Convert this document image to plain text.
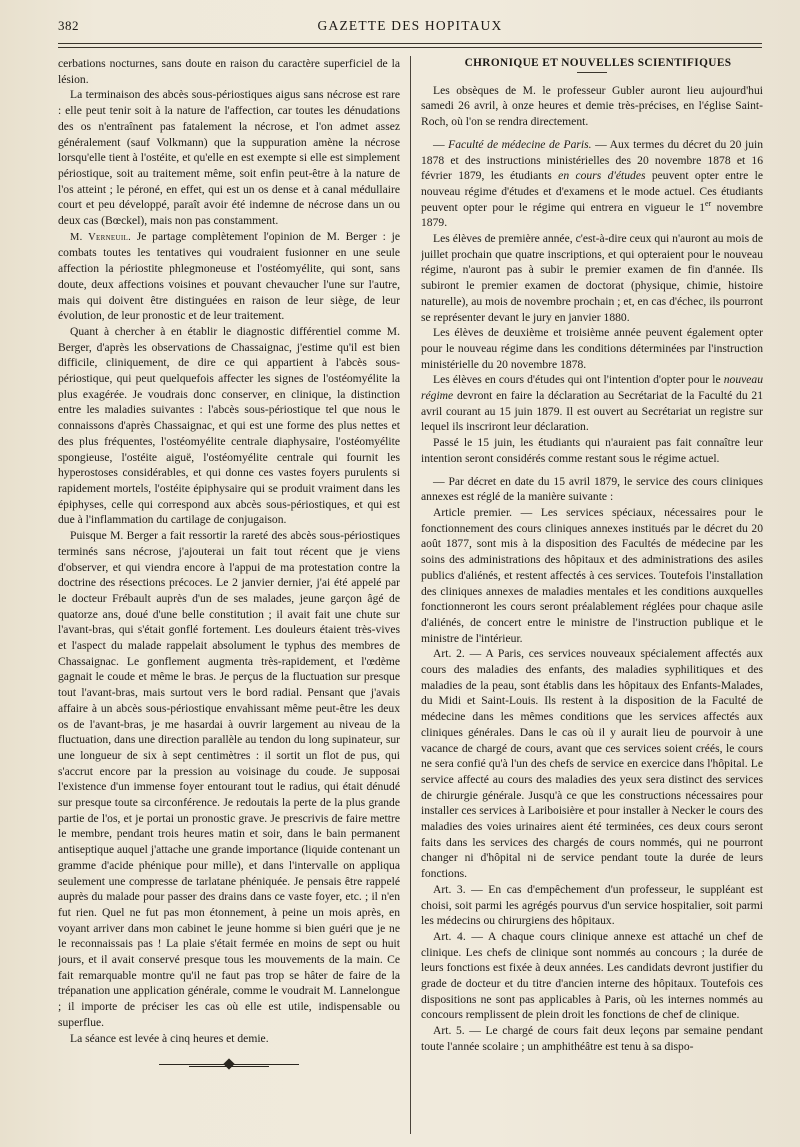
382	GAZETTE DES HOPITAUX

cerbations nocturnes, sans doute en raison du caractère superficiel de la lésion.

La terminaison des abcès sous-périostiques aigus sans nécrose est rare : elle peut tenir soit à la nature de l'affection, car toutes les dénudations des os n'entraînent pas fatalement la nécrose, et l'on admet assez généralement (sauf Volkmann) que la suppuration amène la nécrose lorsqu'elle tient à l'ostéite, et qu'elle en est exempte si elle est simplement périostique, soit au traitement même, soit enfin peut-être à la nature de l'os atteint ; le péroné, en effet, qui est un os dense et à canal médullaire court et peu développé, paraît avoir été indemne de nécrose dans un ou deux cas (Bœckel), mais non pas constamment.

M. Verneuil. Je partage complètement l'opinion de M. Berger : je combats toutes les tentatives qui voudraient fusionner en une seule affection la périostite phlegmoneuse et l'ostéomyélite, qui sont, sans doute, deux affections voisines et pouvant chevaucher l'une sur l'autre, mais qui doivent être distinguées en raison de leur siège, de leur évolution, de leur pronostic et de leur traitement.

Quant à chercher à en établir le diagnostic différentiel comme M. Berger, d'après les observations de Chassaignac, j'estime qu'il est bien difficile, cliniquement, de dire ce qui appartient à l'abcès sous-périostique, qui peut quelquefois affecter les signes de l'ostéomyélite la plus exagérée. Je voudrais donc conserver, en clinique, la distinction entre les maladies suivantes : l'abcès sous-périostique tel que nous le connaissons d'après Chassaignac, et qui est une forme des plus nettes et des plus fréquentes, l'ostéomyélite centrale diaphysaire, l'ostéomyélite spongieuse, l'ostéite aiguë, l'ostéomyélite centrale qui fournit les hyperostoses considérables, et qui donne ces vastes foyers purulents si rapidement mortels, l'ostéite épiphysaire qui se produit vraiment dans les épiphyses, celle qui correspond aux abcès sous-périostiques, et qui est due à l'inflammation du cartilage de conjugaison.

Puisque M. Berger a fait ressortir la rareté des abcès sous-périostiques terminés sans nécrose, j'ajouterai un fait tout récent que je viens d'observer, et qui viendra encore à l'appui de ma protestation contre la doctrine des résections précoces. Le 2 janvier dernier, j'ai été appelé par le docteur Frébault auprès d'un de ses malades, jeune garçon âgé de quatorze ans, doué d'une belle constitution ; il avait fait une chute sur l'avant-bras, qui s'était gonflé fortement. Les douleurs étaient très-vives et l'aspect du malade rappelait absolument le typhus des membres de Chassaignac. Le gonflement augmenta très-rapidement, et l'œdème gagnait le coude et même le bras. Je perçus de la fluctuation sur presque tout l'avant-bras, mais surtout vers le bord radial. Pensant que j'avais affaire à un abcès sous-périostique envahissant même peut-être les deux os de l'avant-bras, je me hasardai à ouvrir largement au niveau de la fluctuation, dans une direction parallèle au tendon du long supinateur, sur une longueur de six à sept centimètres : il sortit un flot de pus, qui s'accrut encore par la pression au voisinage du coude. Je supposai l'existence d'un immense foyer entourant tout le radius, qui était dénudé sur presque toute sa circonférence. Je redoutais la perte de la plus grande partie de l'os, et je portai un pronostic grave. Je prescrivis de faire mettre le membre, pendant trois heures matin et soir, dans le bain permanent antiseptique auquel j'attache une grande importance (liquide contenant un gramme d'acide phénique pour mille), et dans l'intervalle on appliqua seulement une compresse de tarlatane phéniquée. Je pensais être rappelé auprès du malade pour passer des drains dans ce vaste foyer, etc. ; il n'en fut rien. Quel ne fut pas mon étonnement, à peine un mois après, en voyant arriver dans mon cabinet le jeune homme si bien guéri que je ne le reconnaissais pas ! La plaie s'était fermée en moins de sept ou huit jours, et il avait conservé presque tous les mouvements de la main. Ce fait remarquable montre qu'il ne faut pas trop se hâter de faire de la trépanation une application générale, comme le voudrait M. Lannelongue ; il importe de préciser les cas où elle est utile, indispensable ou superflue.

La séance est levée à cinq heures et demie.

CHRONIQUE ET NOUVELLES SCIENTIFIQUES

Les obsèques de M. le professeur Gubler auront lieu aujourd'hui samedi 26 avril, à onze heures et demie très-précises, en l'église Saint-Roch, où l'on se rendra directement.

— Faculté de médecine de Paris. — Aux termes du décret du 20 juin 1878 et des instructions ministérielles des 20 novembre 1878 et 16 février 1879, les étudiants en cours d'études peuvent opter entre le nouveau régime d'études et d'examens et le mode actuel. Ces étudiants peuvent opter pour le régime qui entrera en vigueur le 1er novembre 1879.

Les élèves de première année, c'est-à-dire ceux qui n'auront au mois de juillet prochain que quatre inscriptions, et qui opteraient pour le nouveau régime, n'auront pas à subir le premier examen de fin d'année. Ils subiront le premier examen de doctorat (physique, chimie, histoire naturelle), au mois de novembre prochain ; et, en cas d'échec, ils pourront se représenter devant le jury en janvier 1880.

Les élèves de deuxième et troisième année peuvent également opter pour le nouveau régime dans les conditions déterminées par l'instruction ministérielle du 20 novembre 1878.

Les élèves en cours d'études qui ont l'intention d'opter pour le nouveau régime devront en faire la déclaration au Secrétariat de la Faculté du 21 avril courant au 15 juin 1879. Il est ouvert au Secrétariat un registre sur lequel ils inscriront leur déclaration.

Passé le 15 juin, les étudiants qui n'auraient pas fait connaître leur intention seront considérés comme restant sous le régime actuel.

— Par décret en date du 15 avril 1879, le service des cours cliniques annexes est réglé de la manière suivante :

Article premier. — Les services spéciaux, nécessaires pour le fonctionnement des cours cliniques annexes institués par le décret du 20 août 1877, sont mis à la disposition des Facultés de médecine par les soins des administrations des hôpitaux et des administrations des asiles publics d'aliénés, et restent affectés à ces services. Toutefois l'installation des cliniques annexes de maladies mentales et les conditions auxquelles fonctionneront les cours seront préalablement réglées pour chaque asile d'aliénés, de concert entre le ministre de l'instruction publique et le ministre de l'intérieur.

Art. 2. — A Paris, ces services nouveaux spécialement affectés aux cours des maladies des enfants, des maladies syphilitiques et des maladies de la peau, sont établis dans les hôpitaux des Enfants-Malades, du Midi et Saint-Louis. Ils restent à la disposition de la Faculté de médecine dans les mêmes conditions que les services affectés aux cliniques générales. Dans le cas où il y aurait lieu de pourvoir à une vacance de chargé de cours, avant que ces services soient créés, le cours ne sera confié qu'à l'un des chefs de service en exercice dans l'hôpital. Le service affecté au cours des maladies des yeux sera distinct des services de chirurgie générale. Jusqu'à ce que les constructions nécessaires pour installer ces services à Lariboisière et pour installer à Necker le cours des maladies des voies urinaires aient été terminées, ces deux cours seront faits dans les services des chargés de cours nommés, qui ne pourront changer ni d'hôpital ni de service pendant toute la durée de leurs fonctions.

Art. 3. — En cas d'empêchement d'un professeur, le suppléant est choisi, soit parmi les agrégés pourvus d'un service hospitalier, soit parmi les médecins ou chirurgiens des hôpitaux.

Art. 4. — A chaque cours clinique annexe est attaché un chef de clinique. Les chefs de clinique sont nommés au concours ; la durée de leurs fonctions est fixée à deux années. Les candidats devront justifier du grade de docteur et du titre d'ancien interne des hôpitaux. Toutefois ces dispositions ne sont pas applicables à Paris, où les internes nommés au concours remplissent de plein droit les fonctions de chef de clinique.

Art. 5. — Le chargé de cours fait deux leçons par semaine pendant toute l'année scolaire ; un amphithéâtre est tenu à sa dispo-
